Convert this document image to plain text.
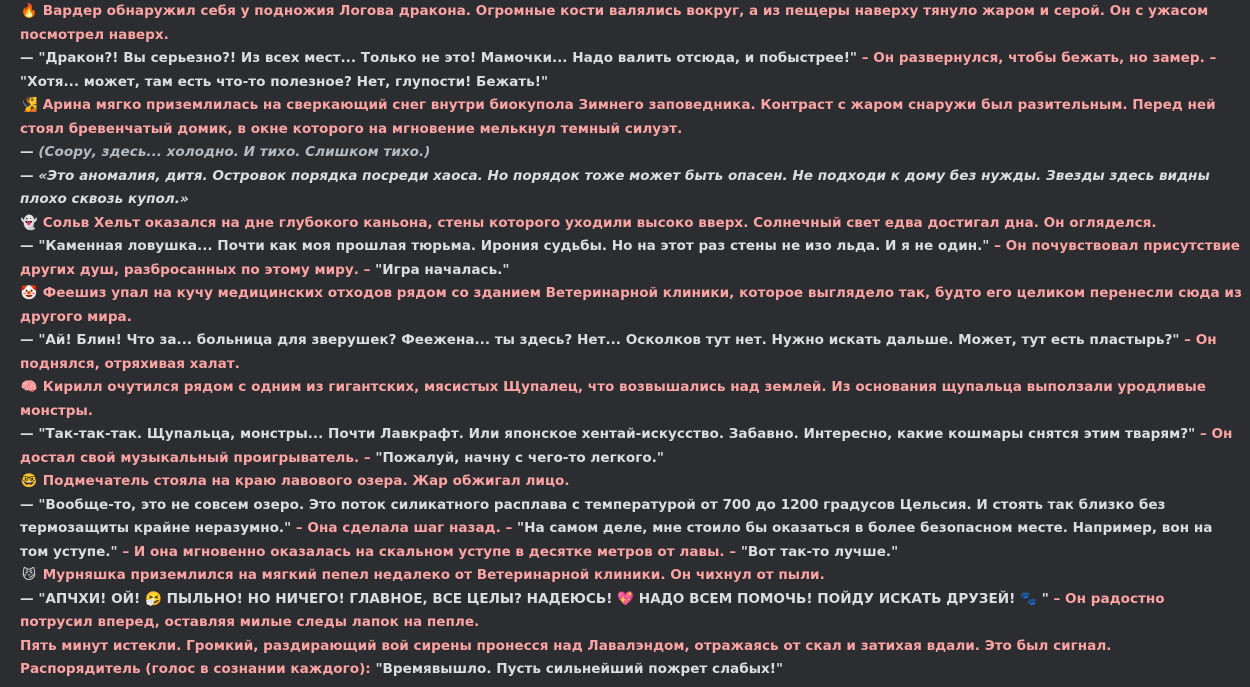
🔥 Вардер обнаружил себя у подножия Логова дракона. Огромные кости валялись вокруг, а из пещеры наверху тянуло жаром и серой. Он с ужасом посмотрел наверх.

— "Дракон?! Вы серьезно?! Из всех мест... Только не это! Мамочки... Надо валить отсюда, и побыстрее!" – Он развернулся, чтобы бежать, но замер. – "Хотя... может, там есть что-то полезное? Нет, глупости! Бежать!"

🧏 Арина мягко приземлилась на сверкающий снег внутри биокупола Зимнего заповедника. Контраст с жаром снаружи был разительным. Перед ней стоял бревенчатый домик, в окне которого на мгновение мелькнул темный силуэт.

— (Сооpу, здесь... холодно. И тихо. Слишком тихо.)

— «Это аномалия, дитя. Островок порядка посреди хаоса. Но порядок тоже может быть опасен. Не подходи к дому без нужды. Звезды здесь видны плохо сквозь купол.»

👻 Сольв Хельт оказался на дне глубокого каньона, стены которого уходили высоко вверх. Солнечный свет едва достигал дна. Он огляделся.

— "Каменная ловушка... Почти как моя прошлая тюрьма. Ирония судьбы. Но на этот раз стены не изо льда. И я не один." – Он почувствовал присутствие других душ, разбросанных по этому миру. – "Игра началась."

🤡 Феешиз упал на кучу медицинских отходов рядом со зданием Ветеринарной клиники, которое выглядело так, будто его целиком перенесли сюда из другого мира.

— "Ай! Блин! Что за... больница для зверушек? Феежена... ты здесь? Нет... Осколков тут нет. Нужно искать дальше. Может, тут есть пластырь?" – Он поднялся, отряхивая халат.

🧠 Кирилл очутился рядом с одним из гигантских, мясистых Щупалец, что возвышались над землей. Из основания щупальца выползали уродливые монстры.

— "Так-так-так. Щупальца, монстры... Почти Лавкрафт. Или японское хентай-искусство. Забавно. Интересно, какие кошмары снятся этим тварям?" – Он достал свой музыкальный проигрыватель. – "Пожалуй, начну с чего-то легкого."

🤓 Подмечатель стояла на краю лавового озера. Жар обжигал лицо.

— "Вообще-то, это не совсем озеро. Это поток силикатного расплава с температурой от 700 до 1200 градусов Цельсия. И стоять так близко без термозащиты крайне неразумно." – Она сделала шаг назад. – "На самом деле, мне стоило бы оказаться в более безопасном месте. Например, вон на том уступе." – И она мгновенно оказалась на скальном уступе в десятке метров от лавы. – "Вот так-то лучше."

😼 Мурняшка приземлился на мягкий пепел недалеко от Ветеринарной клиники. Он чихнул от пыли.

— "АПЧХИ! ОЙ! 🤧 ПЫЛЬНО! НО НИЧЕГО! ГЛАВНОЕ, ВСЕ ЦЕЛЫ? НАДЕЮСЬ! 💖 НАДО ВСЕМ ПОМОЧЬ! ПОЙДУ ИСКАТЬ ДРУЗЕЙ! 🐾 " – Он радостно потрусил вперед, оставляя милые следы лапок на пепле.

Пять минут истекли. Громкий, раздирающий вой сирены пронесся над Лавалэндом, отражаясь от скал и затихая вдали. Это был сигнал.

Распорядитель (голос в сознании каждого): "Времявышло. Пусть сильнейший пожрет слабых!"
